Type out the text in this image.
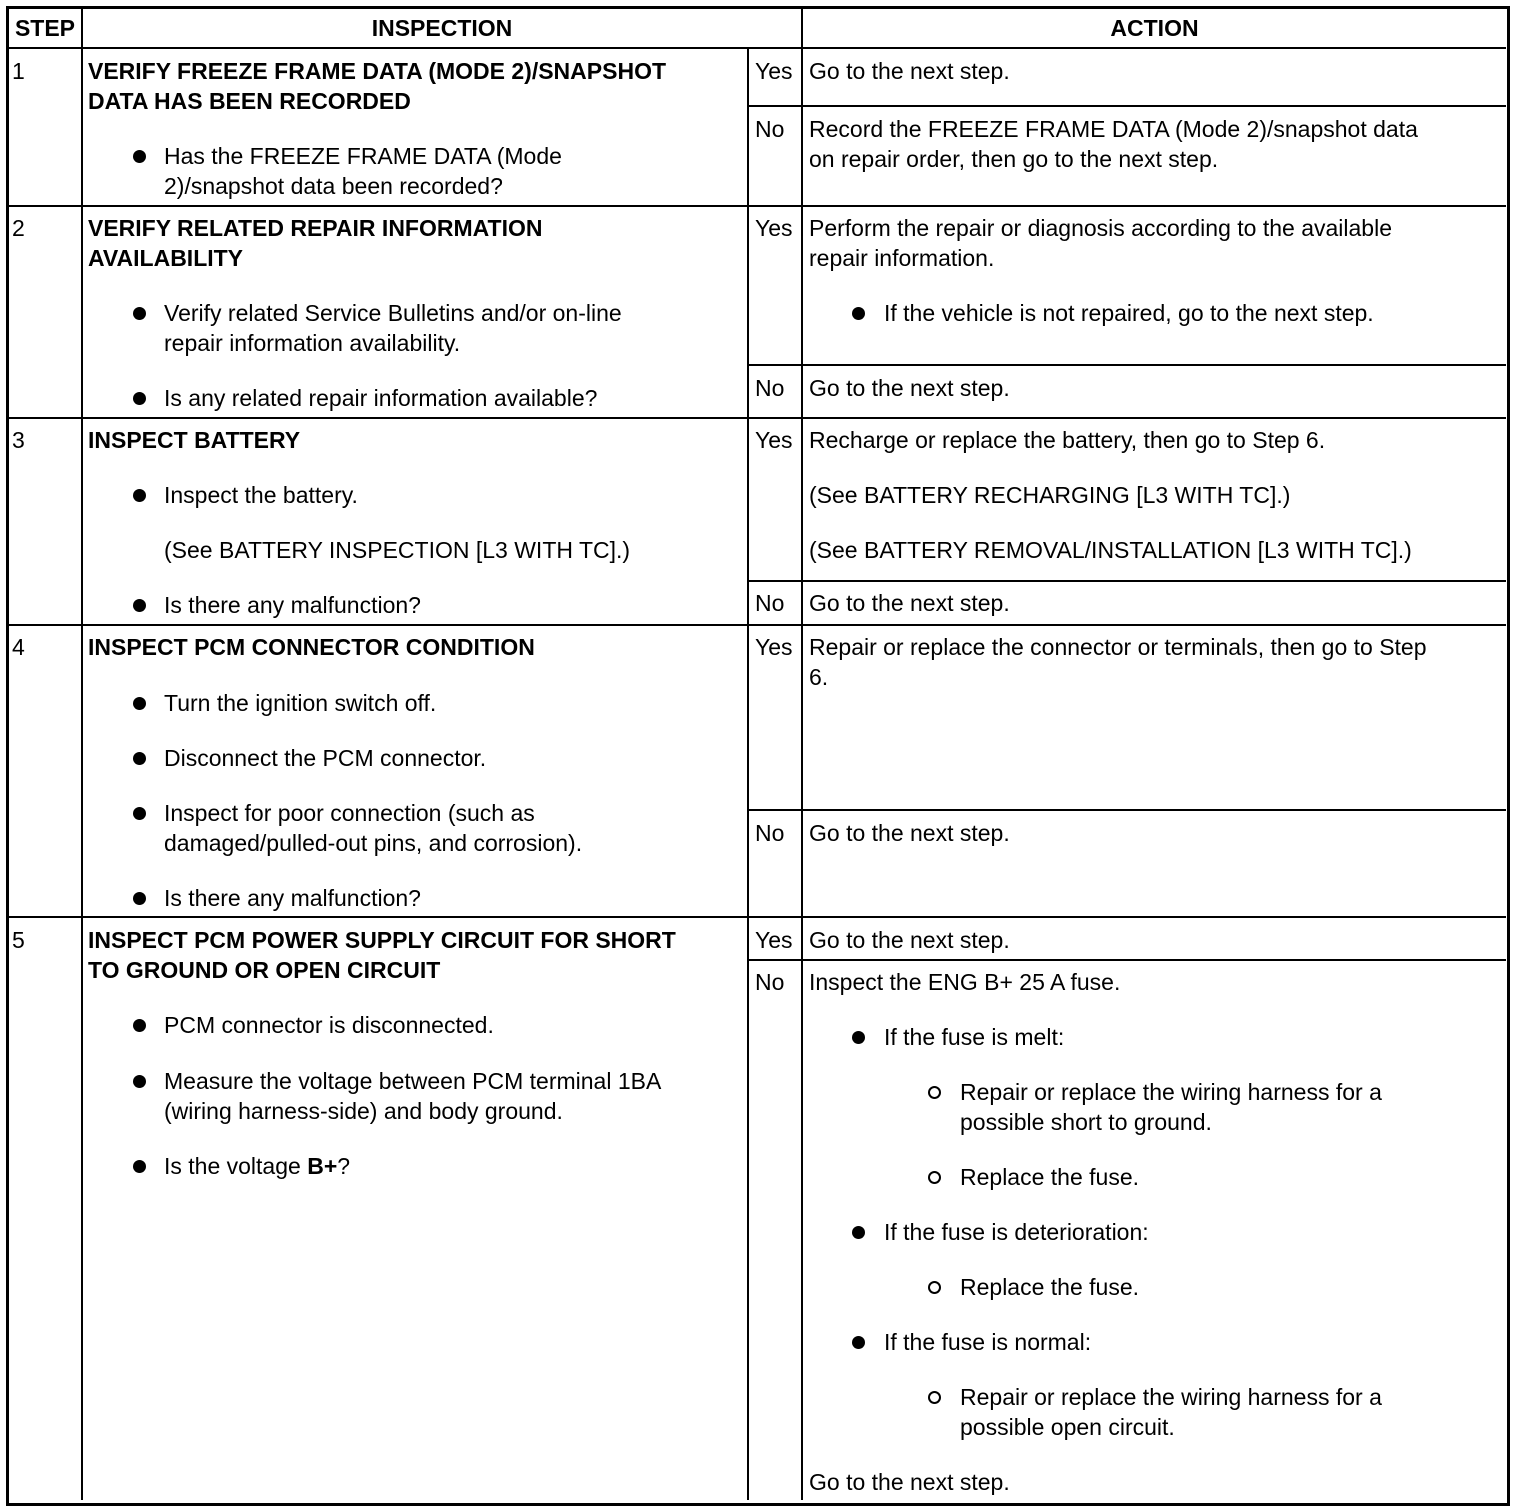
STEP	INSPECTION	ACTION
1	VERIFY FREEZE FRAME DATA (MODE 2)/SNAPSHOT
DATA HAS BEEN RECORDED
Has the FREEZE FRAME DATA (Mode
2)/snapshot data been recorded?
Yes Go to the next step.
No Record the FREEZE FRAME DATA (Mode 2)/snapshot data
on repair order, then go to the next step.
2	VERIFY RELATED REPAIR INFORMATION
AVAILABILITY
Verify related Service Bulletins and/or on-line
repair information availability.
Is any related repair information available?
Yes Perform the repair or diagnosis according to the available
repair information.
If the vehicle is not repaired, go to the next step.
No Go to the next step.
3	INSPECT BATTERY
Inspect the battery.
(See BATTERY INSPECTION [L3 WITH TC].)
Is there any malfunction?
Yes Recharge or replace the battery, then go to Step 6.
(See BATTERY RECHARGING [L3 WITH TC].)
(See BATTERY REMOVAL/INSTALLATION [L3 WITH TC].)
No Go to the next step.
4	INSPECT PCM CONNECTOR CONDITION
Turn the ignition switch off.
Disconnect the PCM connector.
Inspect for poor connection (such as
damaged/pulled-out pins, and corrosion).
Is there any malfunction?
Yes Repair or replace the connector or terminals, then go to Step
6.
No Go to the next step.
5	INSPECT PCM POWER SUPPLY CIRCUIT FOR SHORT
TO GROUND OR OPEN CIRCUIT
PCM connector is disconnected.
Measure the voltage between PCM terminal 1BA
(wiring harness-side) and body ground.
Is the voltage B+?
Yes Go to the next step.
No Inspect the ENG B+ 25 A fuse.
If the fuse is melt:
Repair or replace the wiring harness for a
possible short to ground.
Replace the fuse.
If the fuse is deterioration:
Replace the fuse.
If the fuse is normal:
Repair or replace the wiring harness for a
possible open circuit.
Go to the next step.
